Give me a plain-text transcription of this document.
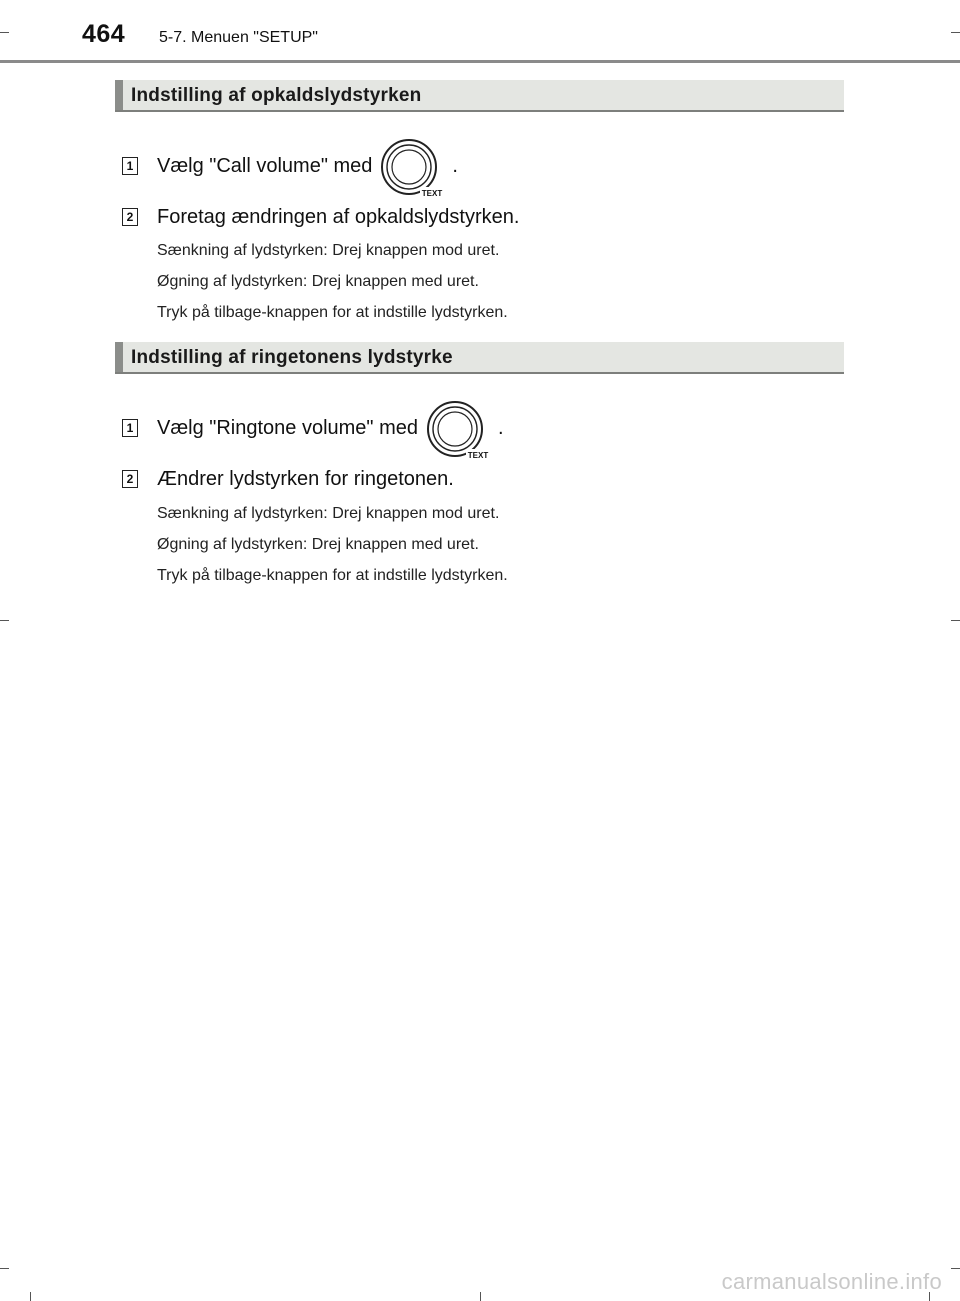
464 5-7. Menuen "SETUP"
Indstilling af opkaldslydstyrken
1 Vælg "Call volume" med
TEXT
.
2 Foretag ændringen af opkaldslydstyrken.
Sænkning af lydstyrken: Drej knappen mod uret.
Øgning af lydstyrken: Drej knappen med uret.
Tryk på tilbage-knappen for at indstille lydstyrken.
Indstilling af ringetonens lydstyrke
1 Vælg "Ringtone volume" med
TEXT
.
2 Ændrer lydstyrken for ringetonen.
Sænkning af lydstyrken: Drej knappen mod uret.
Øgning af lydstyrken: Drej knappen med uret.
Tryk på tilbage-knappen for at indstille lydstyrken.
carmanualsonline.info
